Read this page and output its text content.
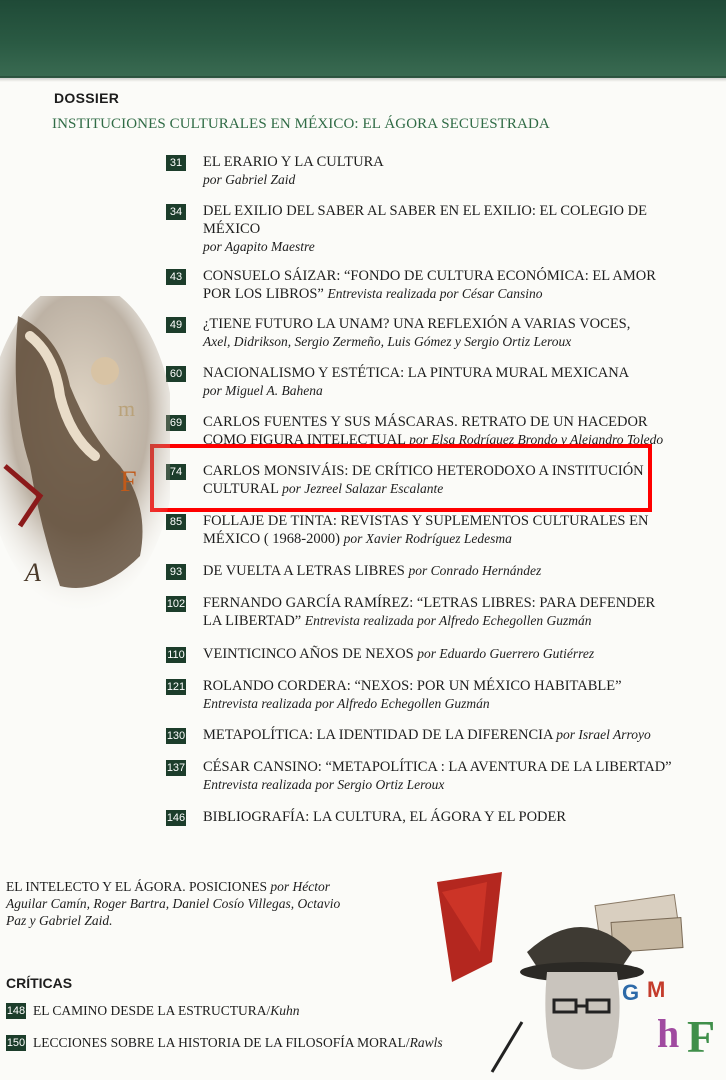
DOSSIER
INSTITUCIONES CULTURALES EN MÉXICO: EL ÁGORA SECUESTRADA
31 EL ERARIO Y LA CULTURA
por Gabriel Zaid
34 DEL EXILIO DEL SABER AL SABER EN EL EXILIO: EL COLEGIO DE MÉXICO
por Agapito Maestre
43 CONSUELO SÁIZAR: “FONDO DE CULTURA ECONÓMICA: EL AMOR POR LOS LIBROS” Entrevista realizada por César Cansino
49 ¿TIENE FUTURO LA UNAM? UNA REFLEXIÓN A VARIAS VOCES,
Axel, Didrikson, Sergio Zermeño, Luis Gómez y Sergio Ortiz Leroux
60 NACIONALISMO Y ESTÉTICA: LA PINTURA MURAL MEXICANA
por Miguel A. Bahena
69 CARLOS FUENTES Y SUS MÁSCARAS. RETRATO DE UN HACEDOR COMO FIGURA INTELECTUAL por Elsa Rodríguez Brondo y Alejandro Toledo
74 CARLOS MONSIVÁIS: DE CRÍTICO HETERODOXO A INSTITUCIÓN CULTURAL por Jezreel Salazar Escalante
85 FOLLAJE DE TINTA: REVISTAS Y SUPLEMENTOS CULTURALES EN MÉXICO ( 1968-2000) por Xavier Rodríguez Ledesma
93 DE VUELTA A LETRAS LIBRES por Conrado Hernández
102 FERNANDO GARCÍA RAMÍREZ: “LETRAS LIBRES: PARA DEFENDER LA LIBERTAD” Entrevista realizada por Alfredo Echegollen Guzmán
110 VEINTICINCO AÑOS DE NEXOS por Eduardo Guerrero Gutiérrez
121 ROLANDO CORDERA: “NEXOS: POR UN MÉXICO HABITABLE”
Entrevista realizada por Alfredo Echegollen Guzmán
130 METAPOLÍTICA: LA IDENTIDAD DE LA DIFERENCIA por Israel Arroyo
137 CÉSAR CANSINO: “METAPOLÍTICA : LA AVENTURA DE LA LIBERTAD”
Entrevista realizada por Sergio Ortiz Leroux
146 BIBLIOGRAFÍA: LA CULTURA, EL ÁGORA Y EL PODER
m
F
A
EL INTELECTO Y EL ÁGORA. POSICIONES por Héctor Aguilar Camín, Roger Bartra, Daniel Cosío Villegas, Octavio Paz y Gabriel Zaid.
CRÍTICAS
148 EL CAMINO DESDE LA ESTRUCTURA/Kuhn
150 LECCIONES SOBRE LA HISTORIA DE LA FILOSOFÍA MORAL/Rawls
G M
h F
